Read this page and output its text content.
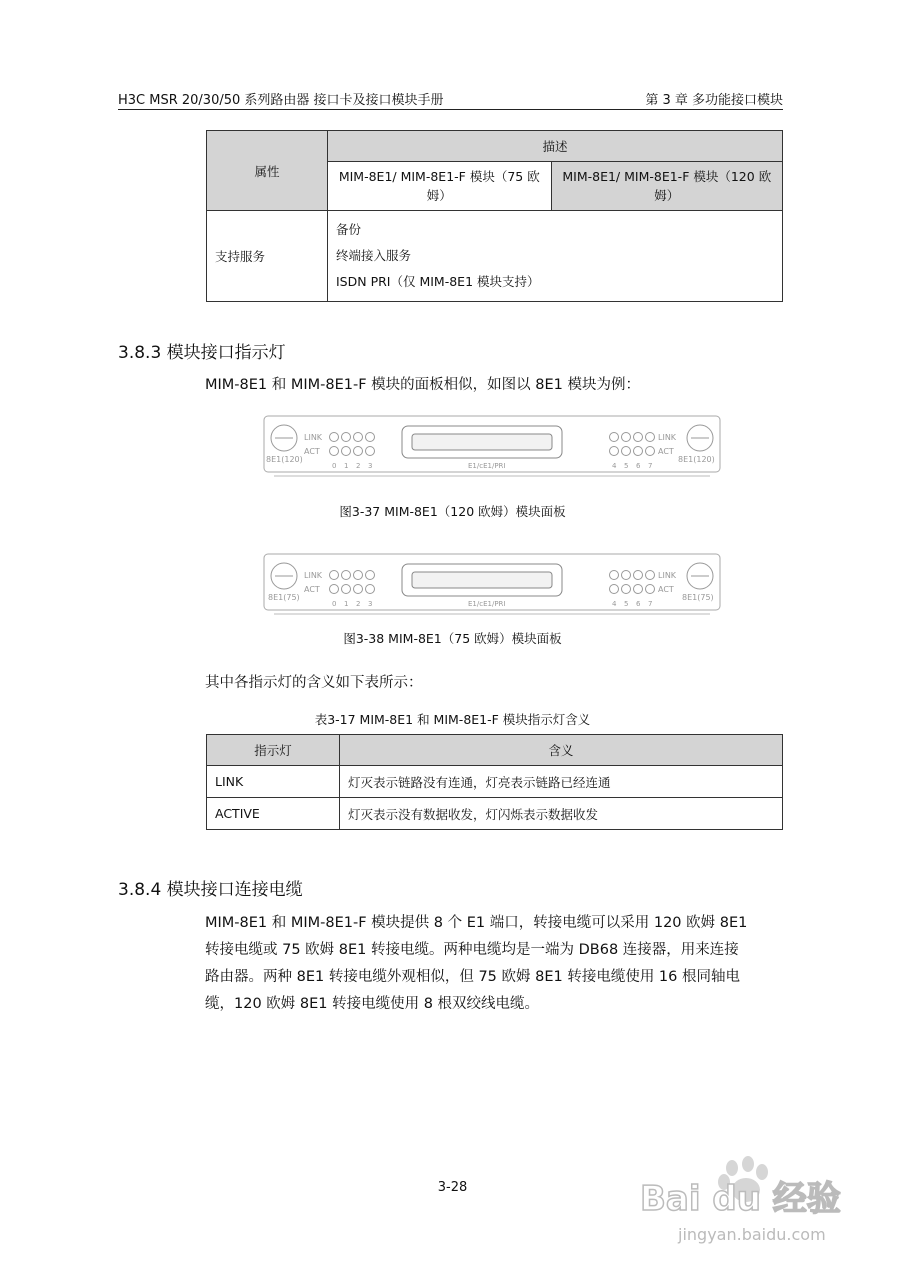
H3C MSR 20/30/50 系列路由器 接口卡及接口模块手册	第 3 章 多功能接口模块
属性	描述	
	MIM-8E1/ MIM-8E1-F 模块（75 欧姆）	MIM-8E1/ MIM-8E1-F 模块（120 欧姆）
支持服务	备份
终端接入服务
ISDN PRI（仅 MIM-8E1 模块支持）	
3.8.3 模块接口指示灯

MIM-8E1 和 MIM-8E1-F 模块的面板相似，如图以 8E1 模块为例：

8E1(120)	8E1(120)
LINK
ACT
LINK
ACT
0 1 2 3	4 5 6 7
E1/cE1/PRI
图3-37 MIM-8E1（120 欧姆）模块面板
8E1(75)	8E1(75)
LINK
ACT
LINK
ACT
0 1 2 3	4 5 6 7
E1/cE1/PRI
图3-38 MIM-8E1（75 欧姆）模块面板

其中各指示灯的含义如下表所示：

表3-17 MIM-8E1 和 MIM-8E1-F 模块指示灯含义
指示灯	含义
LINK	灯灭表示链路没有连通，灯亮表示链路已经连通
ACTIVE	灯灭表示没有数据收发，灯闪烁表示数据收发
3.8.4 模块接口连接电缆
MIM-8E1 和 MIM-8E1-F 模块提供 8 个 E1 端口，转接电缆可以采用 120 欧姆 8E1
转接电缆或 75 欧姆 8E1 转接电缆。两种电缆均是一端为 DB68 连接器，用来连接
路由器。两种 8E1 转接电缆外观相似，但 75 欧姆 8E1 转接电缆使用 16 根同轴电
缆，120 欧姆 8E1 转接电缆使用 8 根双绞线电缆。
3-28	Bai du 经验
jingyan.baidu.com
